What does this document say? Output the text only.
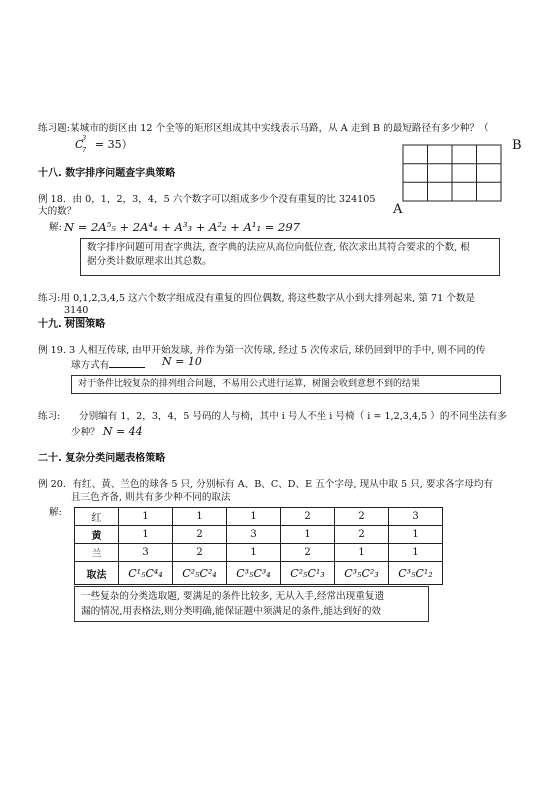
练习题:某城市的街区由 12 个全等的矩形区组成其中实线表示马路，从 A 走到 B 的最短路径有多少种？（
C
3
7 = 35）	B
A
十八. 数字排序问题查字典策略
例 18．由 0，1，2，3，4，5 六个数字可以组成多少个没有重复的比 324105
大的数？
解: N = 2A⁵₅ + 2A⁴₄ + A³₃ + A²₂ + A¹₁ = 297
数字排序问题可用查字典法, 查字典的法应从高位向低位查, 依次求出其符合要求的个数, 根
据分类计数原理求出其总数。
练习:用 0,1,2,3,4,5 这六个数字组成没有重复的四位偶数, 将这些数字从小到大排列起来, 第 71 个数是
3140
十九. 树图策略
例 19. 3 人相互传球, 由甲开始发球, 并作为第一次传球, 经过 5 次传求后, 球仍回到甲的手中, 则不同的传
球方式有	N = 10
对于条件比较复杂的排列组合问题，不易用公式进行运算，树图会收到意想不到的结果
练习: 分别编有 1，2，3，4，5 号码的人与椅，其中 i 号人不坐 i 号椅（ i = 1,2,3,4,5 ）的不同坐法有多
少种？ N = 44
二十. 复杂分类问题表格策略
例 20．有红、黄、兰色的球各 5 只, 分别标有 A、B、C、D、E 五个字母, 现从中取 5 只, 要求各字母均有
且三色齐备, 则共有多少种不同的取法
解:
红	1	1	1	2	2	3
黄	1	2	3	1	2	1
兰	3	2	1	2	1	1
取法	C¹₅C⁴₄	C²₅C²₄	C³₅C³₄	C²₅C¹₃	C³₅C²₃	C³₅C¹₂
一些复杂的分类选取题, 要满足的条件比较多, 无从入手,经常出现重复遗
漏的情况,用表格法,则分类明确,能保证题中须满足的条件,能达到好的效
